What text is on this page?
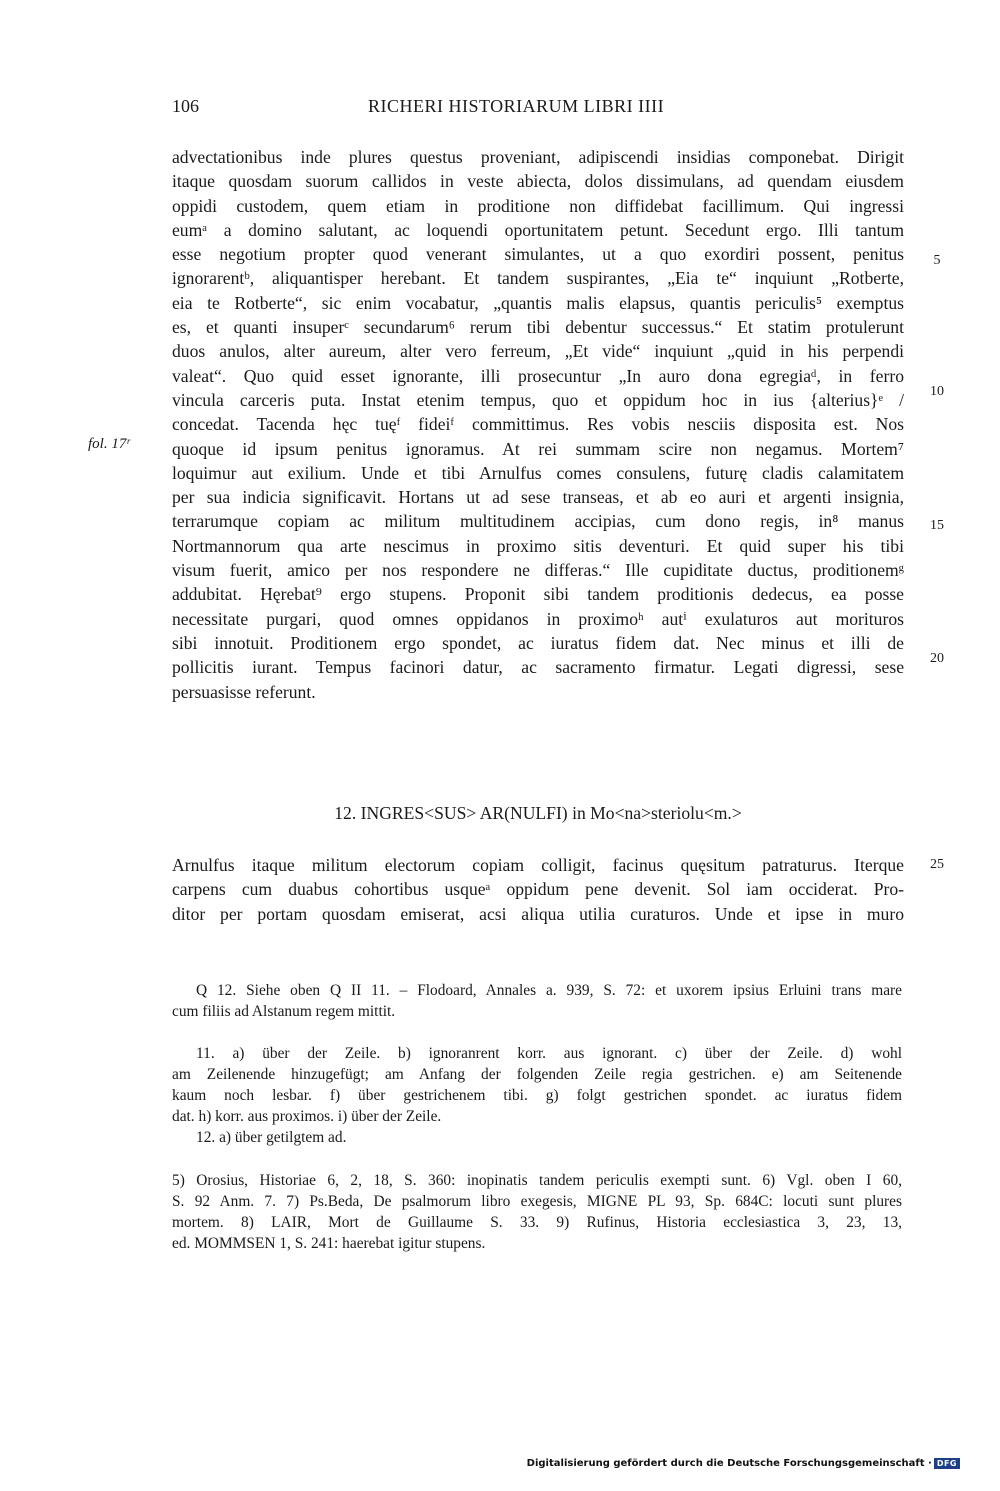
106	RICHERI HISTORIARUM LIBRI IIII
advectationibus inde plures questus proveniant, adipiscendi insidias componebat. Dirigit
itaque quosdam suorum callidos in veste abiecta, dolos dissimulans, ad quendam eiusdem
oppidi custodem, quem etiam in proditione non diffidebat facillimum. Qui ingressi
eumᵃ a domino salutant, ac loquendi oportunitatem petunt. Secedunt ergo. Illi tantum
esse negotium propter quod venerant simulantes, ut a quo exordiri possent, penitus
ignorarentᵇ, aliquantisper herebant. Et tandem suspirantes, „Eia te“ inquiunt „Rotberte,
eia te Rotberte“, sic enim vocabatur, „quantis malis elapsus, quantis periculis⁵ exemptus
es, et quanti insuperᶜ secundarum⁶ rerum tibi debentur successus.“ Et statim protulerunt
duos anulos, alter aureum, alter vero ferreum, „Et vide“ inquiunt „quid in his perpendi
valeat“. Quo quid esset ignorante, illi prosecuntur „In auro dona egregiaᵈ, in ferro
vincula carceris puta. Instat etenim tempus, quo et oppidum hoc in ius {alterius}ᵉ /
concedat. Tacenda hęc tuęᶠ fideiᶠ committimus. Res vobis nesciis disposita est. Nos
quoque id ipsum penitus ignoramus. At rei summam scire non negamus. Mortem⁷
loquimur aut exilium. Unde et tibi Arnulfus comes consulens, futurę cladis calamitatem
per sua indicia significavit. Hortans ut ad sese transeas, et ab eo auri et argenti insignia,
terrarumque copiam ac militum multitudinem accipias, cum dono regis, in⁸ manus
Nortmannorum qua arte nescimus in proximo sitis deventuri. Et quid super his tibi
visum fuerit, amico per nos respondere ne differas.“ Ille cupiditate ductus, proditionemᵍ
addubitat. Hęrebat⁹ ergo stupens. Proponit sibi tandem proditionis dedecus, ea posse
necessitate purgari, quod omnes oppidanos in proximoʰ autⁱ exulaturos aut morituros
sibi innotuit. Proditionem ergo spondet, ac iuratus fidem dat. Nec minus et illi de
pollicitis iurant. Tempus facinori datur, ac sacramento firmatur. Legati digressi, sese
persuasisse referunt.
5
10
15
20
25
fol. 17ʳ
12. INGRES<SUS> AR(NULFI) in Mo<na>steriolu<m.>
Arnulfus itaque militum electorum copiam colligit, facinus quęsitum patraturus. Iterque
carpens cum duabus cohortibus usqueᵃ oppidum pene devenit. Sol iam occiderat. Pro-
ditor per portam quosdam emiserat, acsi aliqua utilia curaturos. Unde et ipse in muro
Q 12. Siehe oben Q II 11. – Flodoard, Annales a. 939, S. 72: et uxorem ipsius Erluini trans mare
cum filiis ad Alstanum regem mittit.
11. a) über der Zeile. b) ignoranrent korr. aus ignorant. c) über der Zeile. d) wohl
am Zeilenende hinzugefügt; am Anfang der folgenden Zeile regia gestrichen. e) am Seitenende
kaum noch lesbar. f) über gestrichenem tibi. g) folgt gestrichen spondet. ac iuratus fidem
dat. h) korr. aus proximos. i) über der Zeile.
12. a) über getilgtem ad.
5) Orosius, Historiae 6, 2, 18, S. 360: inopinatis tandem periculis exempti sunt. 6) Vgl. oben I 60,
S. 92 Anm. 7. 7) Ps.Beda, De psalmorum libro exegesis, MIGNE PL 93, Sp. 684C: locuti sunt plures
mortem. 8) LAIR, Mort de Guillaume S. 33. 9) Rufinus, Historia ecclesiastica 3, 23, 13,
ed. MOMMSEN 1, S. 241: haerebat igitur stupens.
Digitalisierung gefördert durch die Deutsche Forschungsgemeinschaft · DFG
